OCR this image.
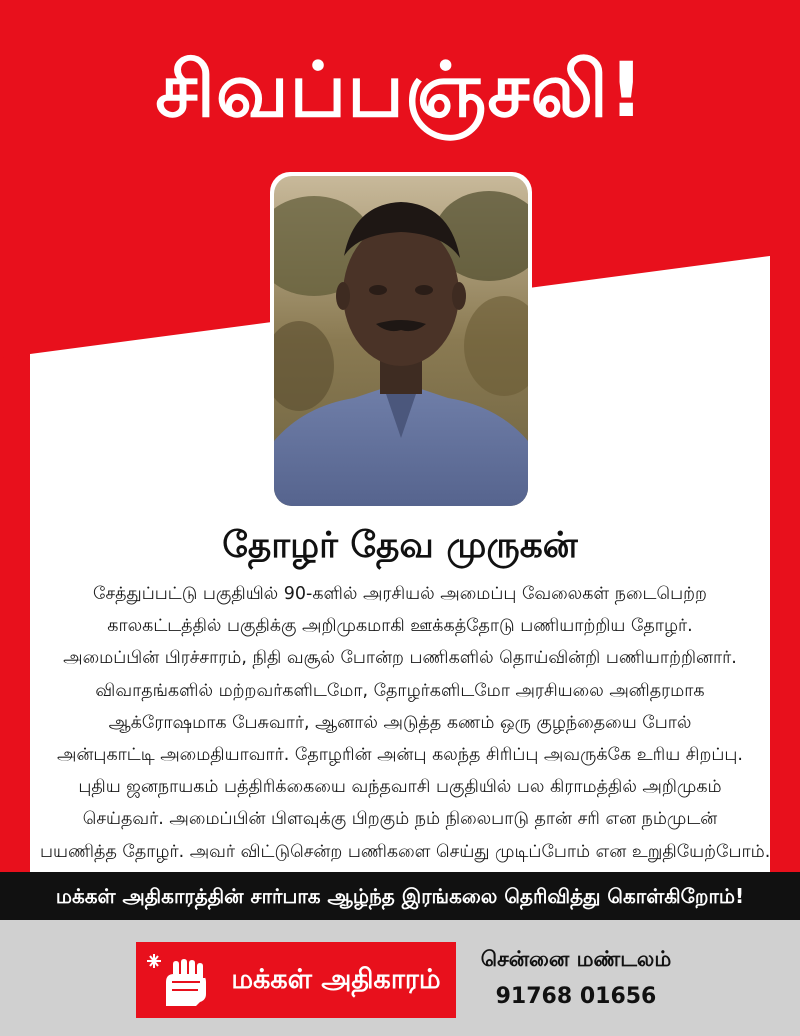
சிவப்பஞ்சலி!
தோழர் தேவ முருகன்
சேத்துப்பட்டு பகுதியில் 90-களில் அரசியல் அமைப்பு வேலைகள் நடைபெற்ற
காலகட்டத்தில் பகுதிக்கு அறிமுகமாகி ஊக்கத்தோடு பணியாற்றிய தோழர்.
அமைப்பின் பிரச்சாரம், நிதி வசூல் போன்ற பணிகளில் தொய்வின்றி பணியாற்றினார்.
விவாதங்களில் மற்றவர்களிடமோ, தோழர்களிடமோ அரசியலை அனிதரமாக
ஆக்ரோஷமாக பேசுவார், ஆனால் அடுத்த கணம் ஒரு குழந்தையை போல்
அன்புகாட்டி அமைதியாவார். தோழரின் அன்பு கலந்த சிரிப்பு அவருக்கே உரிய சிறப்பு.
புதிய ஜனநாயகம் பத்திரிக்கையை வந்தவாசி பகுதியில் பல கிராமத்தில் அறிமுகம்
செய்தவர். அமைப்பின் பிளவுக்கு பிறகும் நம் நிலைபாடு தான் சரி என நம்முடன்
பயணித்த தோழர். அவர் விட்டுசென்ற பணிகளை செய்து முடிப்போம் என உறுதியேற்போம்.
மக்கள் அதிகாரத்தின் சார்பாக ஆழ்ந்த இரங்கலை தெரிவித்து கொள்கிறோம்!
மக்கள் அதிகாரம்
சென்னை மண்டலம்
91768 01656
